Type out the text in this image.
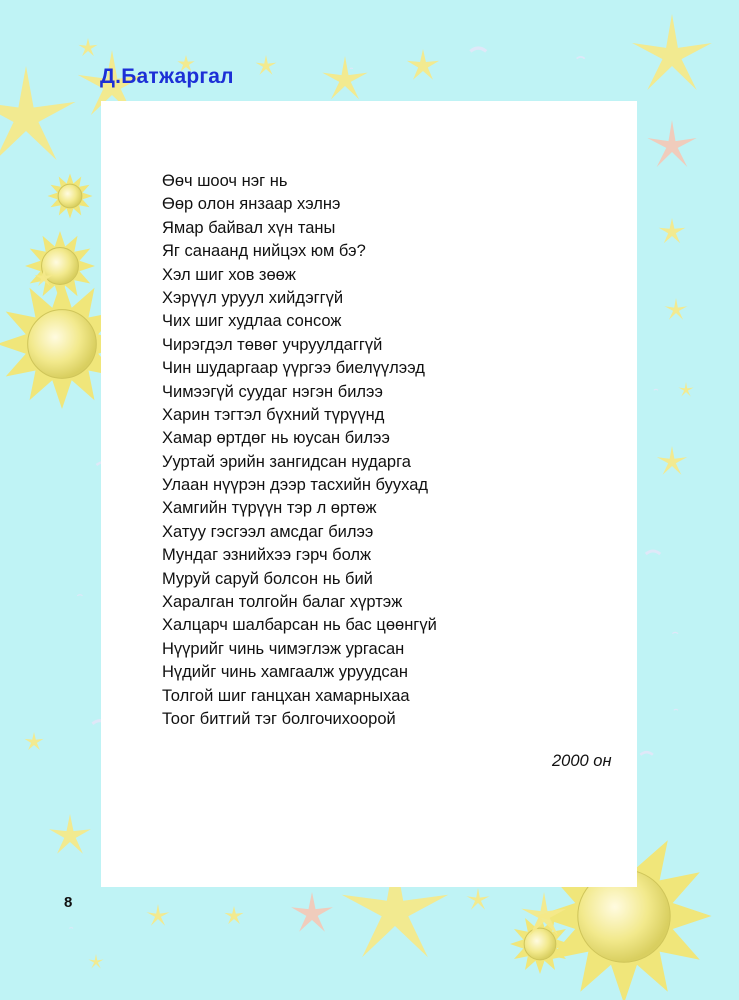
Д.Батжаргал
Өөч шооч нэг нь
Өөр олон янзаар хэлнэ
Ямар байвал хүн таны
Яг санаанд нийцэх юм бэ?
Хэл шиг хов зөөж
Хэрүүл уруул хийдэггүй
Чих шиг худлаа сонсож
Чирэгдэл төвөг учруулдаггүй
Чин шударгаар үүргээ биелүүлээд
Чимээгүй суудаг нэгэн билээ
Харин тэгтэл бүхний түрүүнд
Хамар өртдөг нь юусан билээ
Ууртай эрийн зангидсан нударга
Улаан нүүрэн дээр тасхийн буухад
Хамгийн түрүүн тэр л өртөж
Хатуу гэсгээл амсдаг билээ
Мундаг эзнийхээ гэрч болж
Муруй саруй болсон нь бий
Харалган толгойн балаг хүртэж
Халцарч шалбарсан нь бас цөөнгүй
Нүүрийг чинь чимэглэж ургасан
Нүдийг чинь хамгаалж уруудсан
Толгой шиг ганцхан хамарныхаа
Тоог битгий тэг болгочихоорой
2000 он
8
